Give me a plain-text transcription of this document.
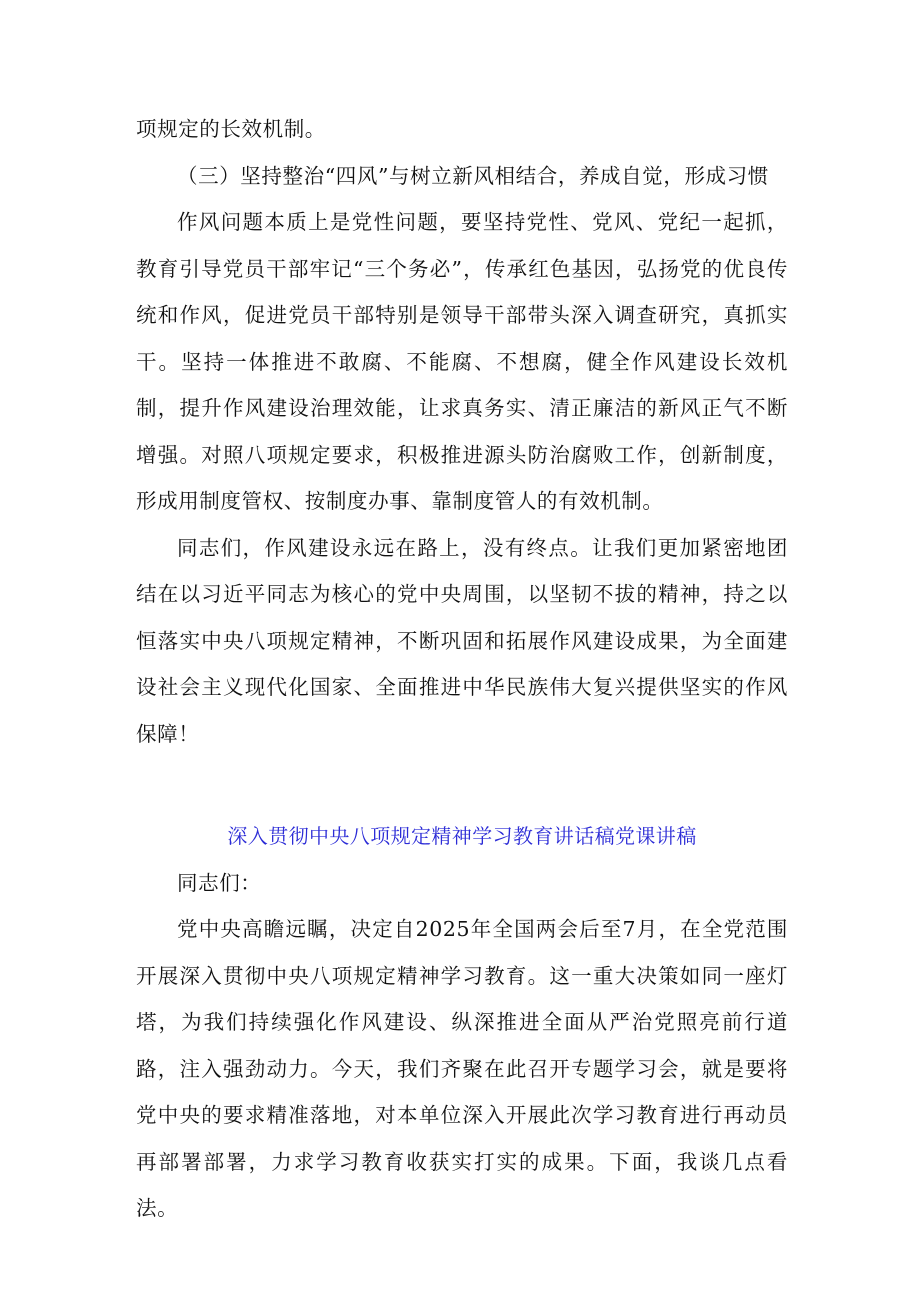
项规定的长效机制。

（三）坚持整治“四风”与树立新风相结合，养成自觉，形成习惯

作风问题本质上是党性问题，要坚持党性、党风、党纪一起抓，教育引导党员干部牢记“三个务必”，传承红色基因，弘扬党的优良传统和作风，促进党员干部特别是领导干部带头深入调查研究，真抓实干。坚持一体推进不敢腐、不能腐、不想腐，健全作风建设长效机制，提升作风建设治理效能，让求真务实、清正廉洁的新风正气不断增强。对照八项规定要求，积极推进源头防治腐败工作，创新制度，形成用制度管权、按制度办事、靠制度管人的有效机制。

同志们，作风建设永远在路上，没有终点。让我们更加紧密地团结在以习近平同志为核心的党中央周围，以坚韧不拔的精神，持之以恒落实中央八项规定精神，不断巩固和拓展作风建设成果，为全面建设社会主义现代化国家、全面推进中华民族伟大复兴提供坚实的作风保障！

深入贯彻中央八项规定精神学习教育讲话稿党课讲稿

同志们：

党中央高瞻远瞩，决定自2025年全国两会后至7月，在全党范围开展深入贯彻中央八项规定精神学习教育。这一重大决策如同一座灯塔，为我们持续强化作风建设、纵深推进全面从严治党照亮前行道路，注入强劲动力。今天，我们齐聚在此召开专题学习会，就是要将党中央的要求精准落地，对本单位深入开展此次学习教育进行再动员再部署部署，力求学习教育收获实打实的成果。下面，我谈几点看法。
